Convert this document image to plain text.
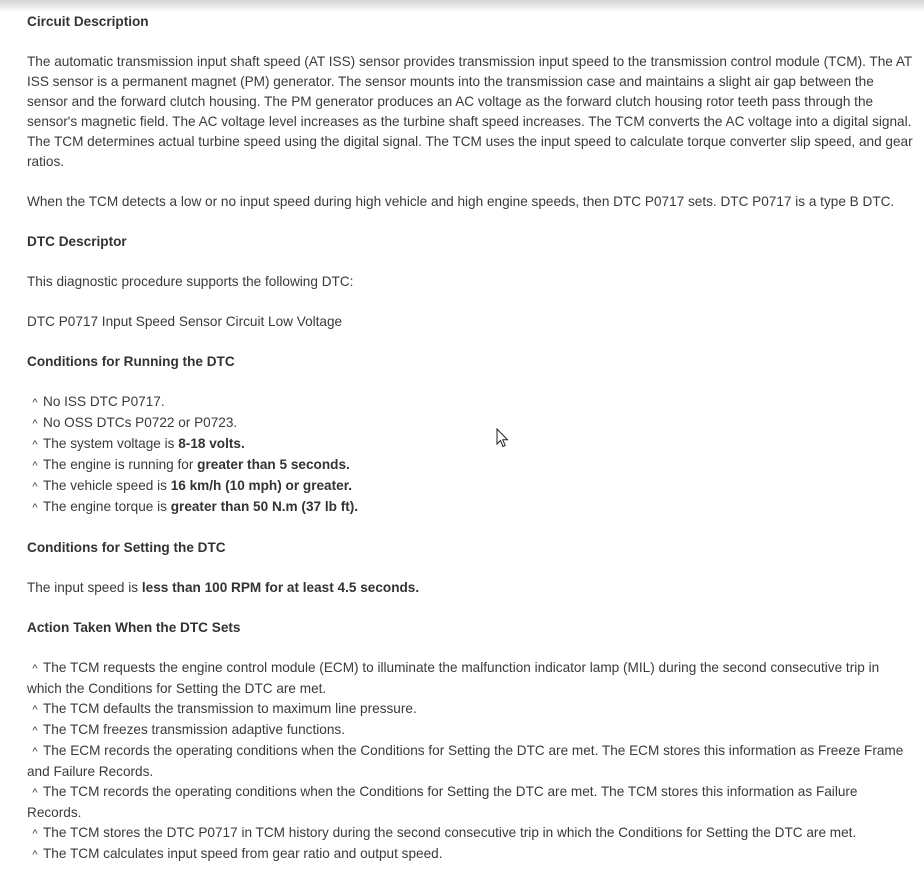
Circuit Description

The automatic transmission input shaft speed (AT ISS) sensor provides transmission input speed to the transmission control module (TCM). The AT ISS sensor is a permanent magnet (PM) generator. The sensor mounts into the transmission case and maintains a slight air gap between the sensor and the forward clutch housing. The PM generator produces an AC voltage as the forward clutch housing rotor teeth pass through the sensor's magnetic field. The AC voltage level increases as the turbine shaft speed increases. The TCM converts the AC voltage into a digital signal. The TCM determines actual turbine speed using the digital signal. The TCM uses the input speed to calculate torque converter slip speed, and gear ratios.

When the TCM detects a low or no input speed during high vehicle and high engine speeds, then DTC P0717 sets. DTC P0717 is a type B DTC.

DTC Descriptor

This diagnostic procedure supports the following DTC:

DTC P0717 Input Speed Sensor Circuit Low Voltage

Conditions for Running the DTC
^ No ISS DTC P0717.
^ No OSS DTCs P0722 or P0723.
^ The system voltage is 8-18 volts.
^ The engine is running for greater than 5 seconds.
^ The vehicle speed is 16 km/h (10 mph) or greater.
^ The engine torque is greater than 50 N.m (37 lb ft).
Conditions for Setting the DTC

The input speed is less than 100 RPM for at least 4.5 seconds.

Action Taken When the DTC Sets
^ The TCM requests the engine control module (ECM) to illuminate the malfunction indicator lamp (MIL) during the second consecutive trip in which the Conditions for Setting the DTC are met.
^ The TCM defaults the transmission to maximum line pressure.
^ The TCM freezes transmission adaptive functions.
^ The ECM records the operating conditions when the Conditions for Setting the DTC are met. The ECM stores this information as Freeze Frame and Failure Records.
^ The TCM records the operating conditions when the Conditions for Setting the DTC are met. The TCM stores this information as Failure Records.
^ The TCM stores the DTC P0717 in TCM history during the second consecutive trip in which the Conditions for Setting the DTC are met.
^ The TCM calculates input speed from gear ratio and output speed.
